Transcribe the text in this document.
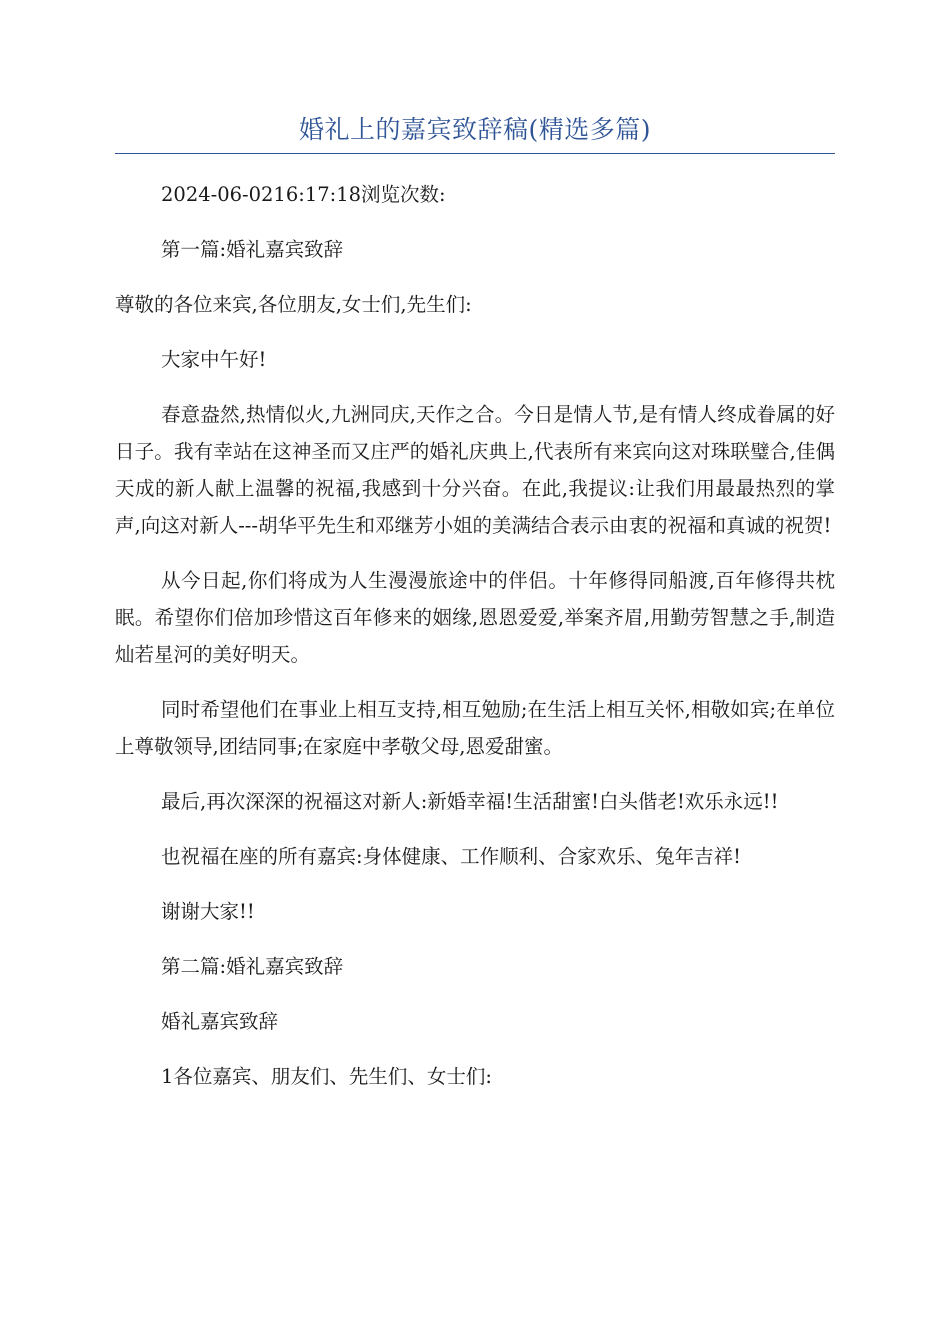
婚礼上的嘉宾致辞稿(精选多篇)

2024-06-0216:17:18浏览次数:

第一篇:婚礼嘉宾致辞

尊敬的各位来宾,各位朋友,女士们,先生们:

大家中午好!

春意盎然,热情似火,九洲同庆,天作之合。今日是情人节,是有情人终成眷属的好日子。我有幸站在这神圣而又庄严的婚礼庆典上,代表所有来宾向这对珠联璧合,佳偶天成的新人献上温馨的祝福,我感到十分兴奋。在此,我提议:让我们用最最热烈的掌声,向这对新人---胡华平先生和邓继芳小姐的美满结合表示由衷的祝福和真诚的祝贺!

从今日起,你们将成为人生漫漫旅途中的伴侣。十年修得同船渡,百年修得共枕眠。希望你们倍加珍惜这百年修来的姻缘,恩恩爱爱,举案齐眉,用勤劳智慧之手,制造灿若星河的美好明天。

同时希望他们在事业上相互支持,相互勉励;在生活上相互关怀,相敬如宾;在单位上尊敬领导,团结同事;在家庭中孝敬父母,恩爱甜蜜。

最后,再次深深的祝福这对新人:新婚幸福!生活甜蜜!白头偕老!欢乐永远!!

也祝福在座的所有嘉宾:身体健康、工作顺利、合家欢乐、兔年吉祥!

谢谢大家!!

第二篇:婚礼嘉宾致辞

婚礼嘉宾致辞

1各位嘉宾、朋友们、先生们、女士们:
